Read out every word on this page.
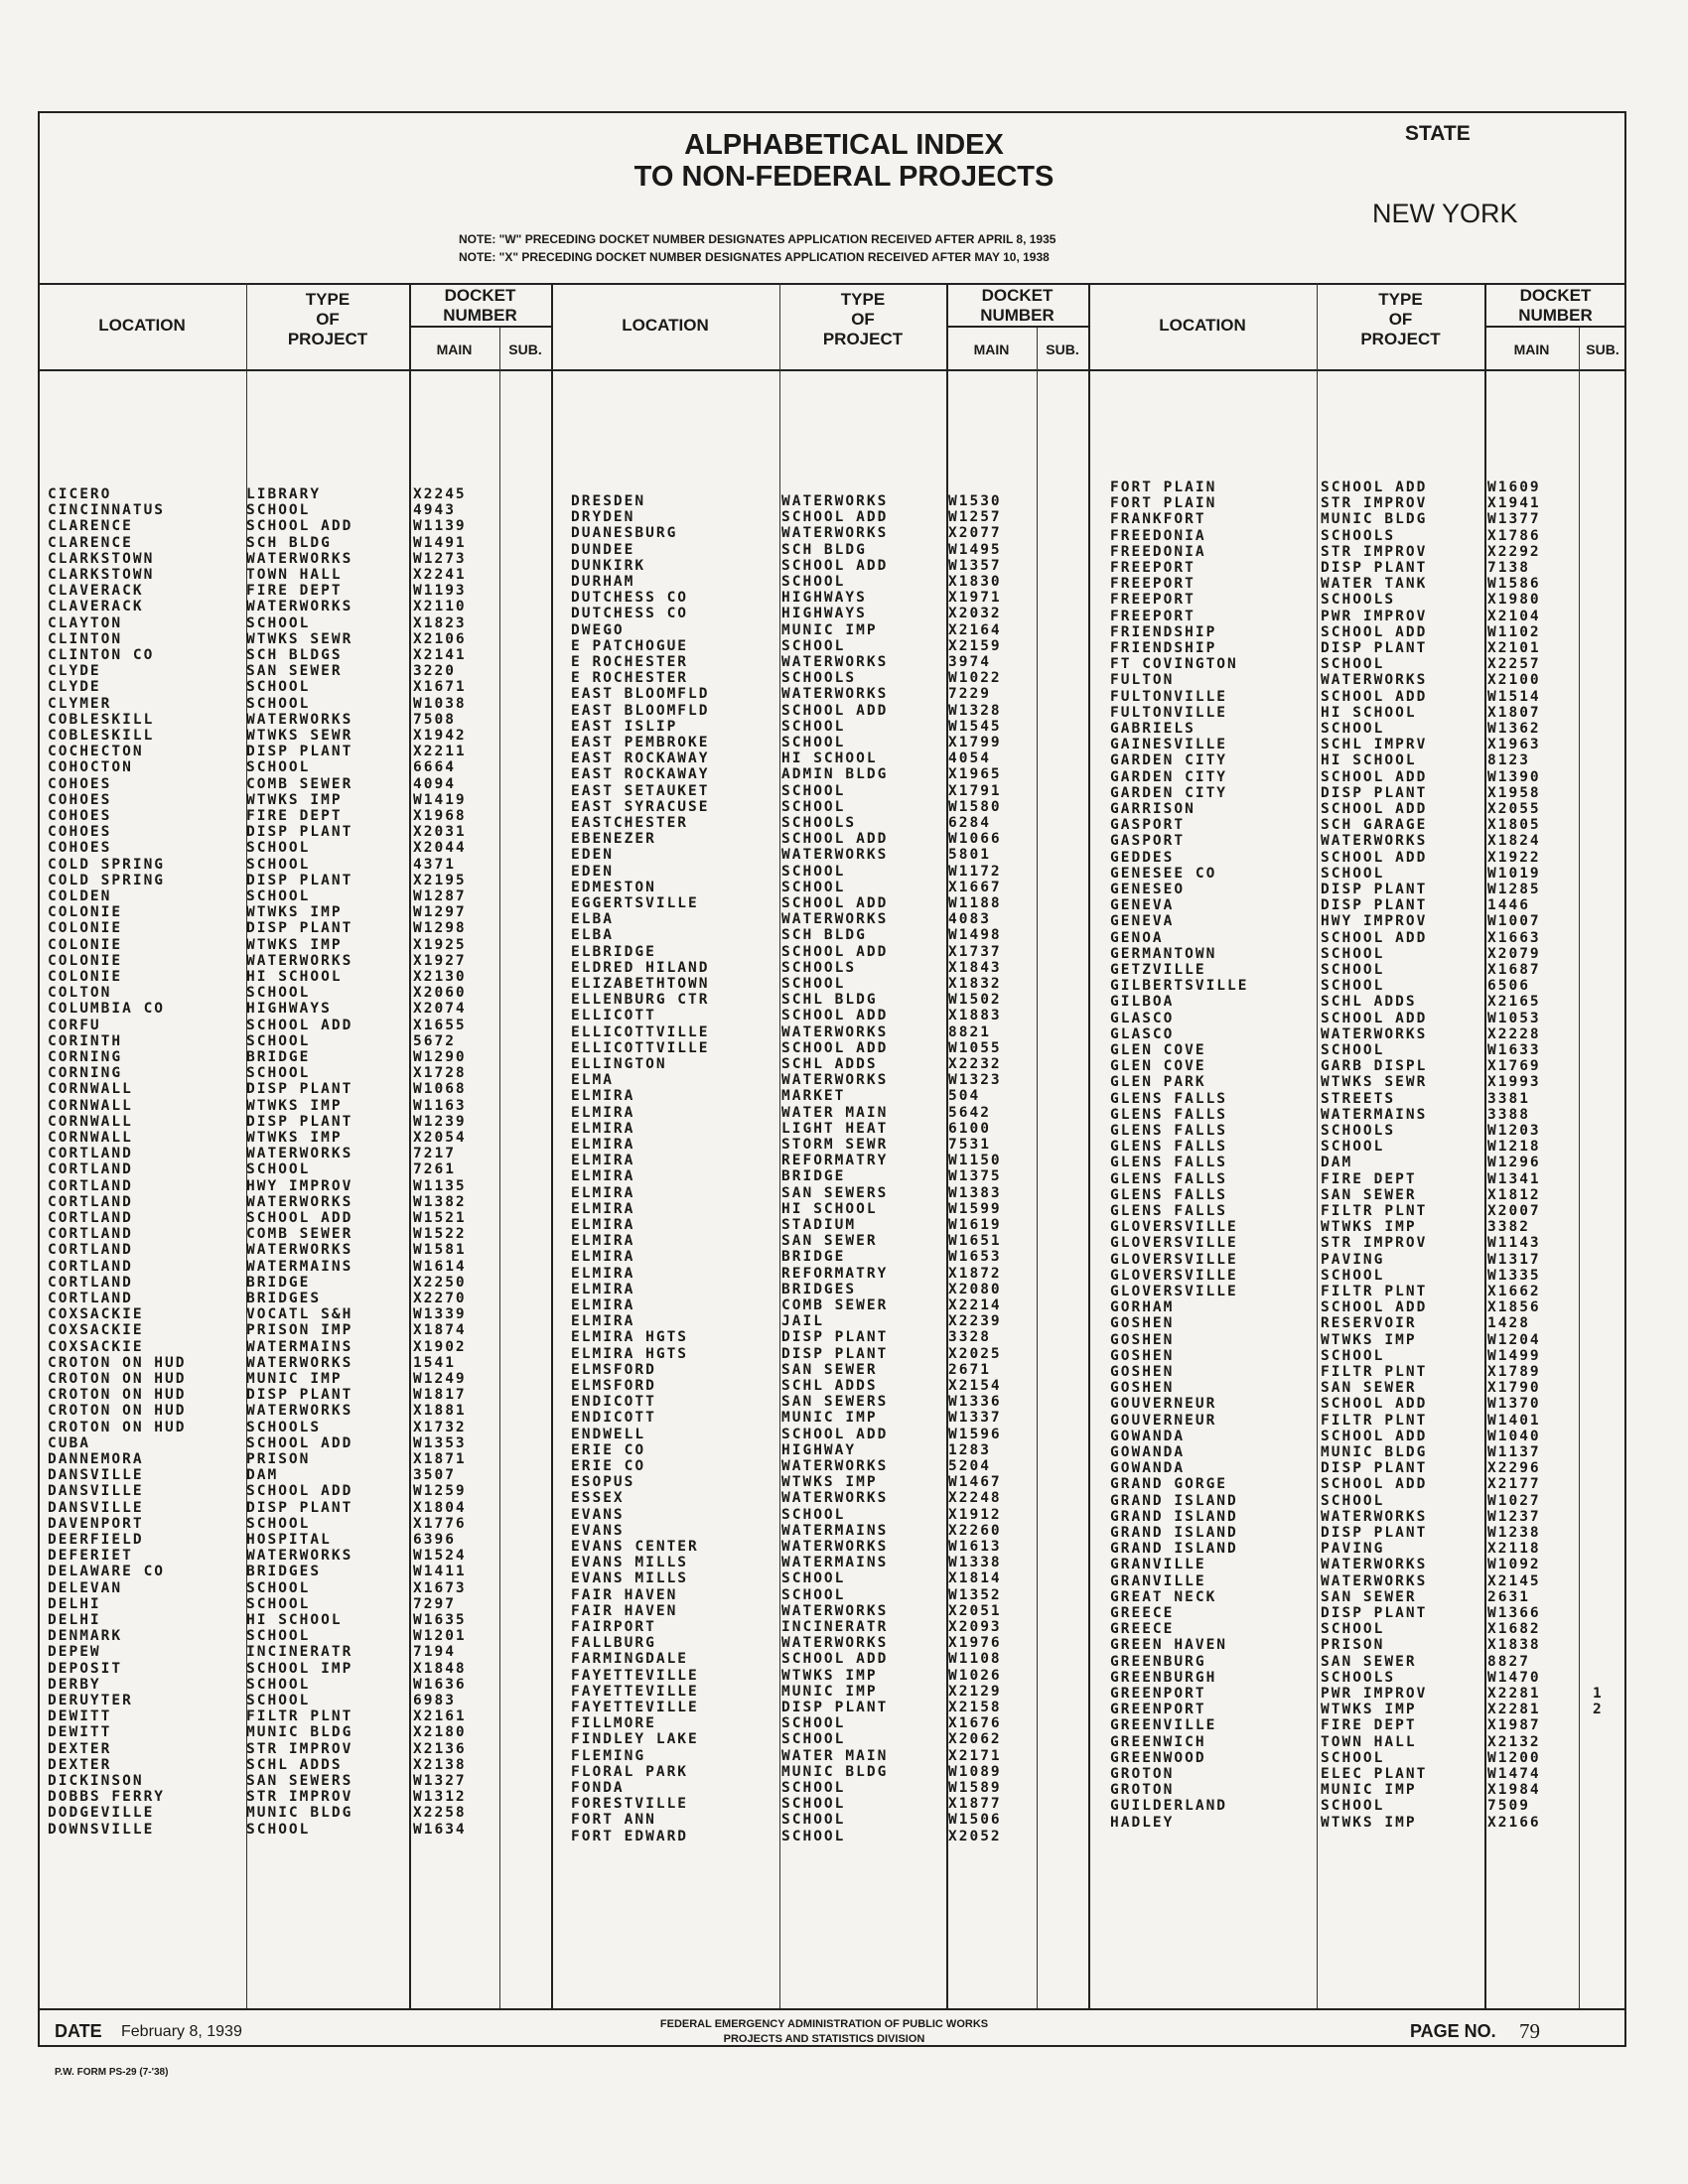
ALPHABETICAL INDEX
TO NON-FEDERAL PROJECTS
STATE
NEW YORK
NOTE: "W" PRECEDING DOCKET NUMBER DESIGNATES APPLICATION RECEIVED AFTER APRIL 8, 1935
NOTE: "X" PRECEDING DOCKET NUMBER DESIGNATES APPLICATION RECEIVED AFTER MAY 10, 1938
LOCATION
TYPE
OF
PROJECT
DOCKET
NUMBER
MAIN	SUB.
LOCATION
TYPE
OF
PROJECT
DOCKET
NUMBER
MAIN	SUB.
LOCATION
TYPE
OF
PROJECT
DOCKET
NUMBER
MAIN	SUB.
CICERO	LIBRARY	X2245
CINCINNATUS	SCHOOL	4943
CLARENCE	SCHOOL ADD	W1139
CLARENCE	SCH BLDG	W1491
CLARKSTOWN	WATERWORKS	W1273
CLARKSTOWN	TOWN HALL	X2241
CLAVERACK	FIRE DEPT	W1193
CLAVERACK	WATERWORKS	X2110
CLAYTON	SCHOOL	X1823
CLINTON	WTWKS SEWR	X2106
CLINTON CO	SCH BLDGS	X2141
CLYDE	SAN SEWER	3220
CLYDE	SCHOOL	X1671
CLYMER	SCHOOL	W1038
COBLESKILL	WATERWORKS	7508
COBLESKILL	WTWKS SEWR	X1942
COCHECTON	DISP PLANT	X2211
COHOCTON	SCHOOL	6664
COHOES	COMB SEWER	4094
COHOES	WTWKS IMP	W1419
COHOES	FIRE DEPT	X1968
COHOES	DISP PLANT	X2031
COHOES	SCHOOL	X2044
COLD SPRING	SCHOOL	4371
COLD SPRING	DISP PLANT	X2195
COLDEN	SCHOOL	W1287
COLONIE	WTWKS IMP	W1297
COLONIE	DISP PLANT	W1298
COLONIE	WTWKS IMP	X1925
COLONIE	WATERWORKS	X1927
COLONIE	HI SCHOOL	X2130
COLTON	SCHOOL	X2060
COLUMBIA CO	HIGHWAYS	X2074
CORFU	SCHOOL ADD	X1655
CORINTH	SCHOOL	5672
CORNING	BRIDGE	W1290
CORNING	SCHOOL	X1728
CORNWALL	DISP PLANT	W1068
CORNWALL	WTWKS IMP	W1163
CORNWALL	DISP PLANT	W1239
CORNWALL	WTWKS IMP	X2054
CORTLAND	WATERWORKS	7217
CORTLAND	SCHOOL	7261
CORTLAND	HWY IMPROV	W1135
CORTLAND	WATERWORKS	W1382
CORTLAND	SCHOOL ADD	W1521
CORTLAND	COMB SEWER	W1522
CORTLAND	WATERWORKS	W1581
CORTLAND	WATERMAINS	W1614
CORTLAND	BRIDGE	X2250
CORTLAND	BRIDGES	X2270
COXSACKIE	VOCATL S&H	W1339
COXSACKIE	PRISON IMP	X1874
COXSACKIE	WATERMAINS	X1902
CROTON ON HUD	WATERWORKS	1541
CROTON ON HUD	MUNIC IMP	W1249
CROTON ON HUD	DISP PLANT	W1817
CROTON ON HUD	WATERWORKS	X1881
CROTON ON HUD	SCHOOLS	X1732
CUBA	SCHOOL ADD	W1353
DANNEMORA	PRISON	X1871
DANSVILLE	DAM	3507
DANSVILLE	SCHOOL ADD	W1259
DANSVILLE	DISP PLANT	X1804
DAVENPORT	SCHOOL	X1776
DEERFIELD	HOSPITAL	6396
DEFERIET	WATERWORKS	W1524
DELAWARE CO	BRIDGES	W1411
DELEVAN	SCHOOL	X1673
DELHI	SCHOOL	7297
DELHI	HI SCHOOL	W1635
DENMARK	SCHOOL	W1201
DEPEW	INCINERATR	7194
DEPOSIT	SCHOOL IMP	X1848
DERBY	SCHOOL	W1636
DERUYTER	SCHOOL	6983
DEWITT	FILTR PLNT	X2161
DEWITT	MUNIC BLDG	X2180
DEXTER	STR IMPROV	X2136
DEXTER	SCHL ADDS	X2138
DICKINSON	SAN SEWERS	W1327
DOBBS FERRY	STR IMPROV	W1312
DODGEVILLE	MUNIC BLDG	X2258
DOWNSVILLE	SCHOOL	W1634
DRESDEN	WATERWORKS	W1530
DRYDEN	SCHOOL ADD	W1257
DUANESBURG	WATERWORKS	X2077
DUNDEE	SCH BLDG	W1495
DUNKIRK	SCHOOL ADD	W1357
DURHAM	SCHOOL	X1830
DUTCHESS CO	HIGHWAYS	X1971
DUTCHESS CO	HIGHWAYS	X2032
DWEGO	MUNIC IMP	X2164
E PATCHOGUE	SCHOOL	X2159
E ROCHESTER	WATERWORKS	3974
E ROCHESTER	SCHOOLS	W1022
EAST BLOOMFLD	WATERWORKS	7229
EAST BLOOMFLD	SCHOOL ADD	W1328
EAST ISLIP	SCHOOL	W1545
EAST PEMBROKE	SCHOOL	X1799
EAST ROCKAWAY	HI SCHOOL	4054
EAST ROCKAWAY	ADMIN BLDG	X1965
EAST SETAUKET	SCHOOL	X1791
EAST SYRACUSE	SCHOOL	W1580
EASTCHESTER	SCHOOLS	6284
EBENEZER	SCHOOL ADD	W1066
EDEN	WATERWORKS	5801
EDEN	SCHOOL	W1172
EDMESTON	SCHOOL	X1667
EGGERTSVILLE	SCHOOL ADD	W1188
ELBA	WATERWORKS	4083
ELBA	SCH BLDG	W1498
ELBRIDGE	SCHOOL ADD	X1737
ELDRED HILAND	SCHOOLS	X1843
ELIZABETHTOWN	SCHOOL	X1832
ELLENBURG CTR	SCHL BLDG	W1502
ELLICOTT	SCHOOL ADD	X1883
ELLICOTTVILLE	WATERWORKS	8821
ELLICOTTVILLE	SCHOOL ADD	W1055
ELLINGTON	SCHL ADDS	X2232
ELMA	WATERWORKS	W1323
ELMIRA	MARKET	504
ELMIRA	WATER MAIN	5642
ELMIRA	LIGHT HEAT	6100
ELMIRA	STORM SEWR	7531
ELMIRA	REFORMATRY	W1150
ELMIRA	BRIDGE	W1375
ELMIRA	SAN SEWERS	W1383
ELMIRA	HI SCHOOL	W1599
ELMIRA	STADIUM	W1619
ELMIRA	SAN SEWER	W1651
ELMIRA	BRIDGE	W1653
ELMIRA	REFORMATRY	X1872
ELMIRA	BRIDGES	X2080
ELMIRA	COMB SEWER	X2214
ELMIRA	JAIL	X2239
ELMIRA HGTS	DISP PLANT	3328
ELMIRA HGTS	DISP PLANT	X2025
ELMSFORD	SAN SEWER	2671
ELMSFORD	SCHL ADDS	X2154
ENDICOTT	SAN SEWERS	W1336
ENDICOTT	MUNIC IMP	W1337
ENDWELL	SCHOOL ADD	W1596
ERIE CO	HIGHWAY	1283
ERIE CO	WATERWORKS	5204
ESOPUS	WTWKS IMP	W1467
ESSEX	WATERWORKS	X2248
EVANS	SCHOOL	X1912
EVANS	WATERMAINS	X2260
EVANS CENTER	WATERWORKS	W1613
EVANS MILLS	WATERMAINS	W1338
EVANS MILLS	SCHOOL	X1814
FAIR HAVEN	SCHOOL	W1352
FAIR HAVEN	WATERWORKS	X2051
FAIRPORT	INCINERATR	X2093
FALLBURG	WATERWORKS	X1976
FARMINGDALE	SCHOOL ADD	W1108
FAYETTEVILLE	WTWKS IMP	W1026
FAYETTEVILLE	MUNIC IMP	X2129
FAYETTEVILLE	DISP PLANT	X2158
FILLMORE	SCHOOL	X1676
FINDLEY LAKE	SCHOOL	X2062
FLEMING	WATER MAIN	X2171
FLORAL PARK	MUNIC BLDG	W1089
FONDA	SCHOOL	W1589
FORESTVILLE	SCHOOL	X1877
FORT ANN	SCHOOL	W1506
FORT EDWARD	SCHOOL	X2052
FORT PLAIN	SCHOOL ADD	W1609
FORT PLAIN	STR IMPROV	X1941
FRANKFORT	MUNIC BLDG	W1377
FREEDONIA	SCHOOLS	X1786
FREEDONIA	STR IMPROV	X2292
FREEPORT	DISP PLANT	7138
FREEPORT	WATER TANK	W1586
FREEPORT	SCHOOLS	X1980
FREEPORT	PWR IMPROV	X2104
FRIENDSHIP	SCHOOL ADD	W1102
FRIENDSHIP	DISP PLANT	X2101
FT COVINGTON	SCHOOL	X2257
FULTON	WATERWORKS	X2100
FULTONVILLE	SCHOOL ADD	W1514
FULTONVILLE	HI SCHOOL	X1807
GABRIELS	SCHOOL	W1362
GAINESVILLE	SCHL IMPRV	X1963
GARDEN CITY	HI SCHOOL	8123
GARDEN CITY	SCHOOL ADD	W1390
GARDEN CITY	DISP PLANT	X1958
GARRISON	SCHOOL ADD	X2055
GASPORT	SCH GARAGE	X1805
GASPORT	WATERWORKS	X1824
GEDDES	SCHOOL ADD	X1922
GENESEE CO	SCHOOL	W1019
GENESEO	DISP PLANT	W1285
GENEVA	DISP PLANT	1446
GENEVA	HWY IMPROV	W1007
GENOA	SCHOOL ADD	X1663
GERMANTOWN	SCHOOL	X2079
GETZVILLE	SCHOOL	X1687
GILBERTSVILLE	SCHOOL	6506
GILBOA	SCHL ADDS	X2165
GLASCO	SCHOOL ADD	W1053
GLASCO	WATERWORKS	X2228
GLEN COVE	SCHOOL	W1633
GLEN COVE	GARB DISPL	X1769
GLEN PARK	WTWKS SEWR	X1993
GLENS FALLS	STREETS	3381
GLENS FALLS	WATERMAINS	3388
GLENS FALLS	SCHOOLS	W1203
GLENS FALLS	SCHOOL	W1218
GLENS FALLS	DAM	W1296
GLENS FALLS	FIRE DEPT	W1341
GLENS FALLS	SAN SEWER	X1812
GLENS FALLS	FILTR PLNT	X2007
GLOVERSVILLE	WTWKS IMP	3382
GLOVERSVILLE	STR IMPROV	W1143
GLOVERSVILLE	PAVING	W1317
GLOVERSVILLE	SCHOOL	W1335
GLOVERSVILLE	FILTR PLNT	X1662
GORHAM	SCHOOL ADD	X1856
GOSHEN	RESERVOIR	1428
GOSHEN	WTWKS IMP	W1204
GOSHEN	SCHOOL	W1499
GOSHEN	FILTR PLNT	X1789
GOSHEN	SAN SEWER	X1790
GOUVERNEUR	SCHOOL ADD	W1370
GOUVERNEUR	FILTR PLNT	W1401
GOWANDA	SCHOOL ADD	W1040
GOWANDA	MUNIC BLDG	W1137
GOWANDA	DISP PLANT	X2296
GRAND GORGE	SCHOOL ADD	X2177
GRAND ISLAND	SCHOOL	W1027
GRAND ISLAND	WATERWORKS	W1237
GRAND ISLAND	DISP PLANT	W1238
GRAND ISLAND	PAVING	X2118
GRANVILLE	WATERWORKS	W1092
GRANVILLE	WATERWORKS	X2145
GREAT NECK	SAN SEWER	2631
GREECE	DISP PLANT	W1366
GREECE	SCHOOL	X1682
GREEN HAVEN	PRISON	X1838
GREENBURG	SAN SEWER	8827
GREENBURGH	SCHOOLS	W1470
GREENPORT	PWR IMPROV	X2281	1
GREENPORT	WTWKS IMP	X2281	2
GREENVILLE	FIRE DEPT	X1987
GREENWICH	TOWN HALL	X2132
GREENWOOD	SCHOOL	W1200
GROTON	ELEC PLANT	W1474
GROTON	MUNIC IMP	X1984
GUILDERLAND	SCHOOL	7509
HADLEY	WTWKS IMP	X2166
DATE February 8, 1939	FEDERAL EMERGENCY ADMINISTRATION OF PUBLIC WORKS
PROJECTS AND STATISTICS DIVISION	PAGE NO. 79
P.W. FORM PS-29 (7-'38)
